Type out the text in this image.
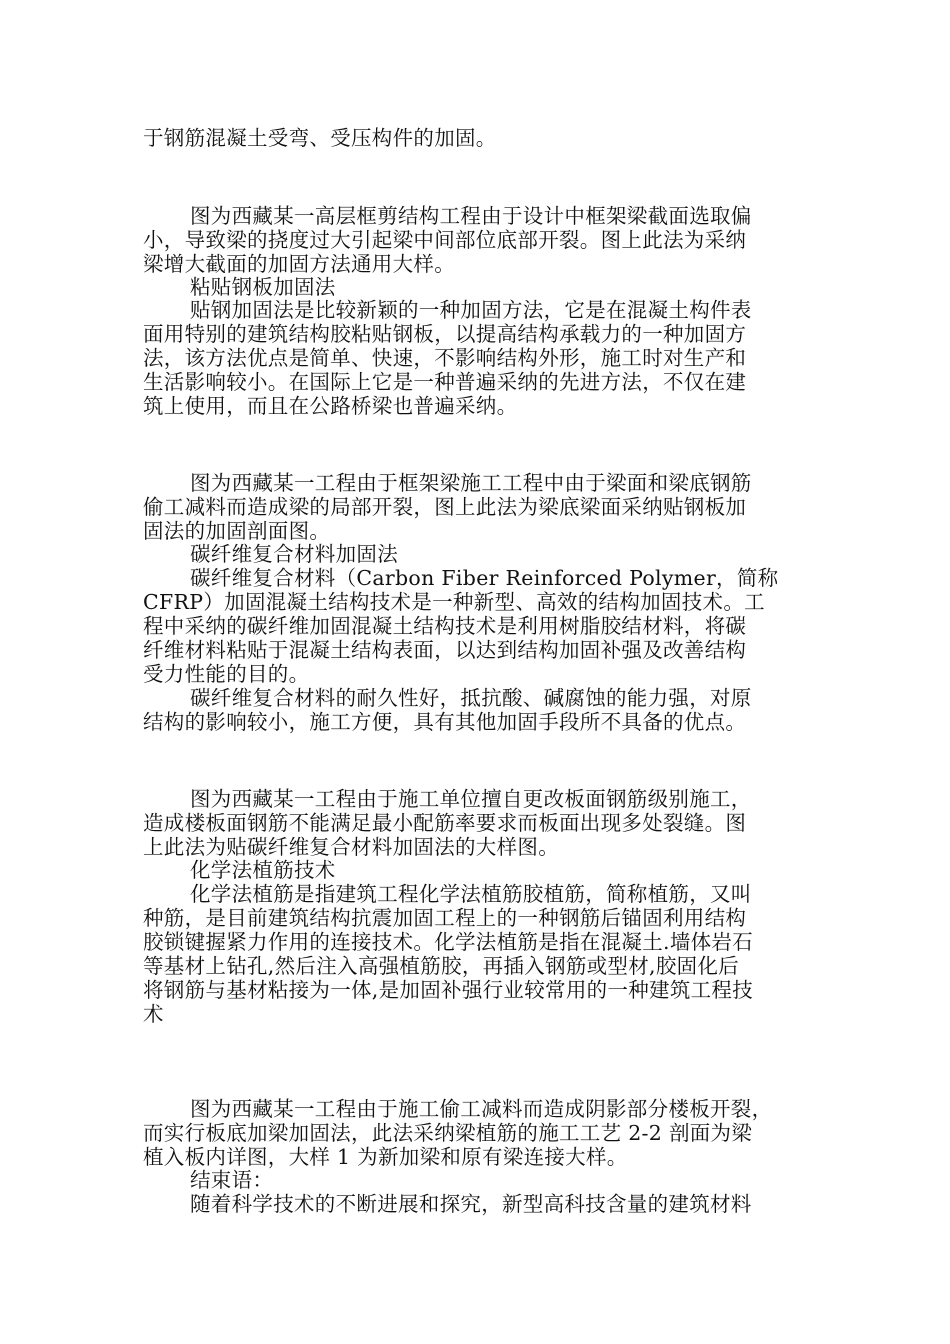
于钢筋混凝土受弯、受压构件的加固。
图为西藏某一高层框剪结构工程由于设计中框架梁截面选取偏
小，导致梁的挠度过大引起梁中间部位底部开裂。图上此法为采纳
梁增大截面的加固方法通用大样。
粘贴钢板加固法
贴钢加固法是比较新颖的一种加固方法，它是在混凝土构件表
面用特别的建筑结构胶粘贴钢板，以提高结构承载力的一种加固方
法，该方法优点是简单、快速，不影响结构外形，施工时对生产和
生活影响较小。在国际上它是一种普遍采纳的先进方法，不仅在建
筑上使用，而且在公路桥梁也普遍采纳。
图为西藏某一工程由于框架梁施工工程中由于梁面和梁底钢筋
偷工减料而造成梁的局部开裂，图上此法为梁底梁面采纳贴钢板加
固法的加固剖面图。
碳纤维复合材料加固法
碳纤维复合材料（Carbon Fiber Reinforced Polymer，简称
CFRP）加固混凝土结构技术是一种新型、高效的结构加固技术。工
程中采纳的碳纤维加固混凝土结构技术是利用树脂胶结材料，将碳
纤维材料粘贴于混凝土结构表面，以达到结构加固补强及改善结构
受力性能的目的。
碳纤维复合材料的耐久性好，抵抗酸、碱腐蚀的能力强，对原
结构的影响较小，施工方便，具有其他加固手段所不具备的优点。
图为西藏某一工程由于施工单位擅自更改板面钢筋级别施工，
造成楼板面钢筋不能满足最小配筋率要求而板面出现多处裂缝。图
上此法为贴碳纤维复合材料加固法的大样图。
化学法植筋技术
化学法植筋是指建筑工程化学法植筋胶植筋，简称植筋，又叫
种筋，是目前建筑结构抗震加固工程上的一种钢筋后锚固利用结构
胶锁键握紧力作用的连接技术。化学法植筋是指在混凝土.墙体岩石
等基材上钻孔,然后注入高强植筋胶，再插入钢筋或型材,胶固化后
将钢筋与基材粘接为一体,是加固补强行业较常用的一种建筑工程技
术
图为西藏某一工程由于施工偷工减料而造成阴影部分楼板开裂，
而实行板底加梁加固法，此法采纳梁植筋的施工工艺 2-2 剖面为梁
植入板内详图，大样 1 为新加梁和原有梁连接大样。
结束语：
随着科学技术的不断进展和探究，新型高科技含量的建筑材料
